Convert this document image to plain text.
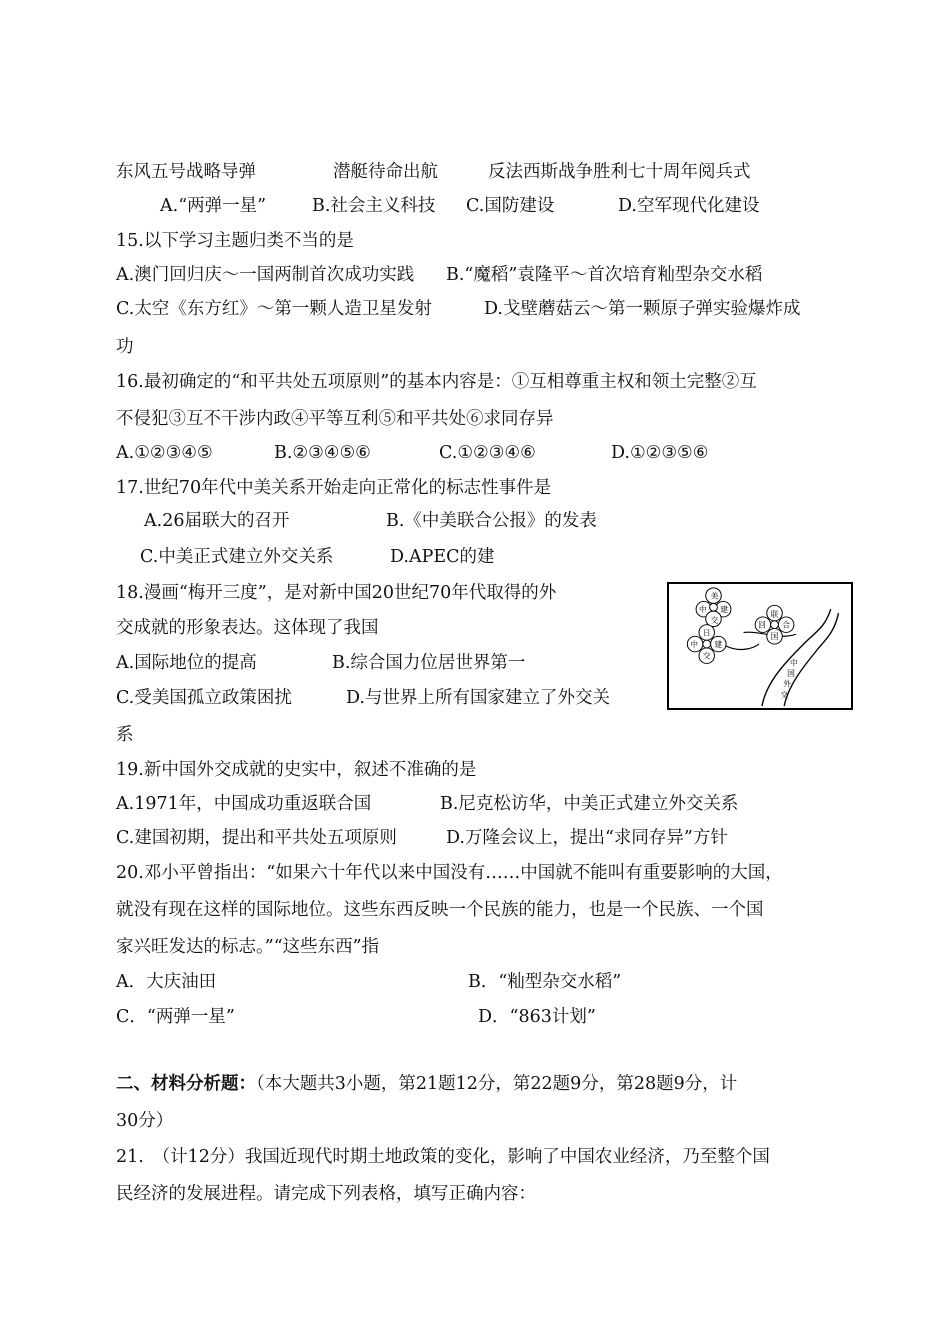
东风五号战略导弹	潜艇待命出航	反法西斯战争胜利七十周年阅兵式
A.“两弹一星”	B.社会主义科技 C.国防建设	D.空军现代化建设
15.以下学习主题归类不当的是
A.澳门回归庆～一国两制首次成功实践 B.“魔稻”袁隆平～首次培育籼型杂交水稻
C.太空《东方红》～第一颗人造卫星发射	D.戈壁蘑菇云～第一颗原子弹实验爆炸成
功
16.最初确定的“和平共处五项原则”的基本内容是：①互相尊重主权和领土完整②互
不侵犯③互不干涉内政④平等互利⑤和平共处⑥求同存异
A.①②③④⑤	B.②③④⑤⑥	C.①②③④⑥	D.①②③⑤⑥
17.世纪70年代中美关系开始走向正常化的标志性事件是
A.26届联大的召开	B.《中美联合公报》的发表
C.中美正式建立外交关系	D.APEC的建
18.漫画“梅开三度”，是对新中国20世纪70年代取得的外
交成就的形象表达。这体现了我国
A.国际地位的提高	B.综合国力位居世界第一
C.受美国孤立政策困扰	D.与世界上所有国家建立了外交关
系
美
中 建
交
联
回 合
国
日
中 建
交
中
国
外
交
19.新中国外交成就的史实中，叙述不准确的是
A.1971年，中国成功重返联合国	B.尼克松访华，中美正式建立外交关系
C.建国初期，提出和平共处五项原则	D.万隆会议上，提出“求同存异”方针
20.邓小平曾指出：“如果六十年代以来中国没有……中国就不能叫有重要影响的大国，
就没有现在这样的国际地位。这些东西反映一个民族的能力，也是一个民族、一个国
家兴旺发达的标志。”“这些东西”指
A．大庆油田	B．“籼型杂交水稻”
C．“两弹一星”	D．“863计划”
二、材料分析题：（本大题共3小题，第21题12分，第22题9分，第28题9分，计
30分）
21.　（计12分）我国近现代时期土地政策的变化，影响了中国农业经济，乃至整个国
民经济的发展进程。请完成下列表格，填写正确内容：
